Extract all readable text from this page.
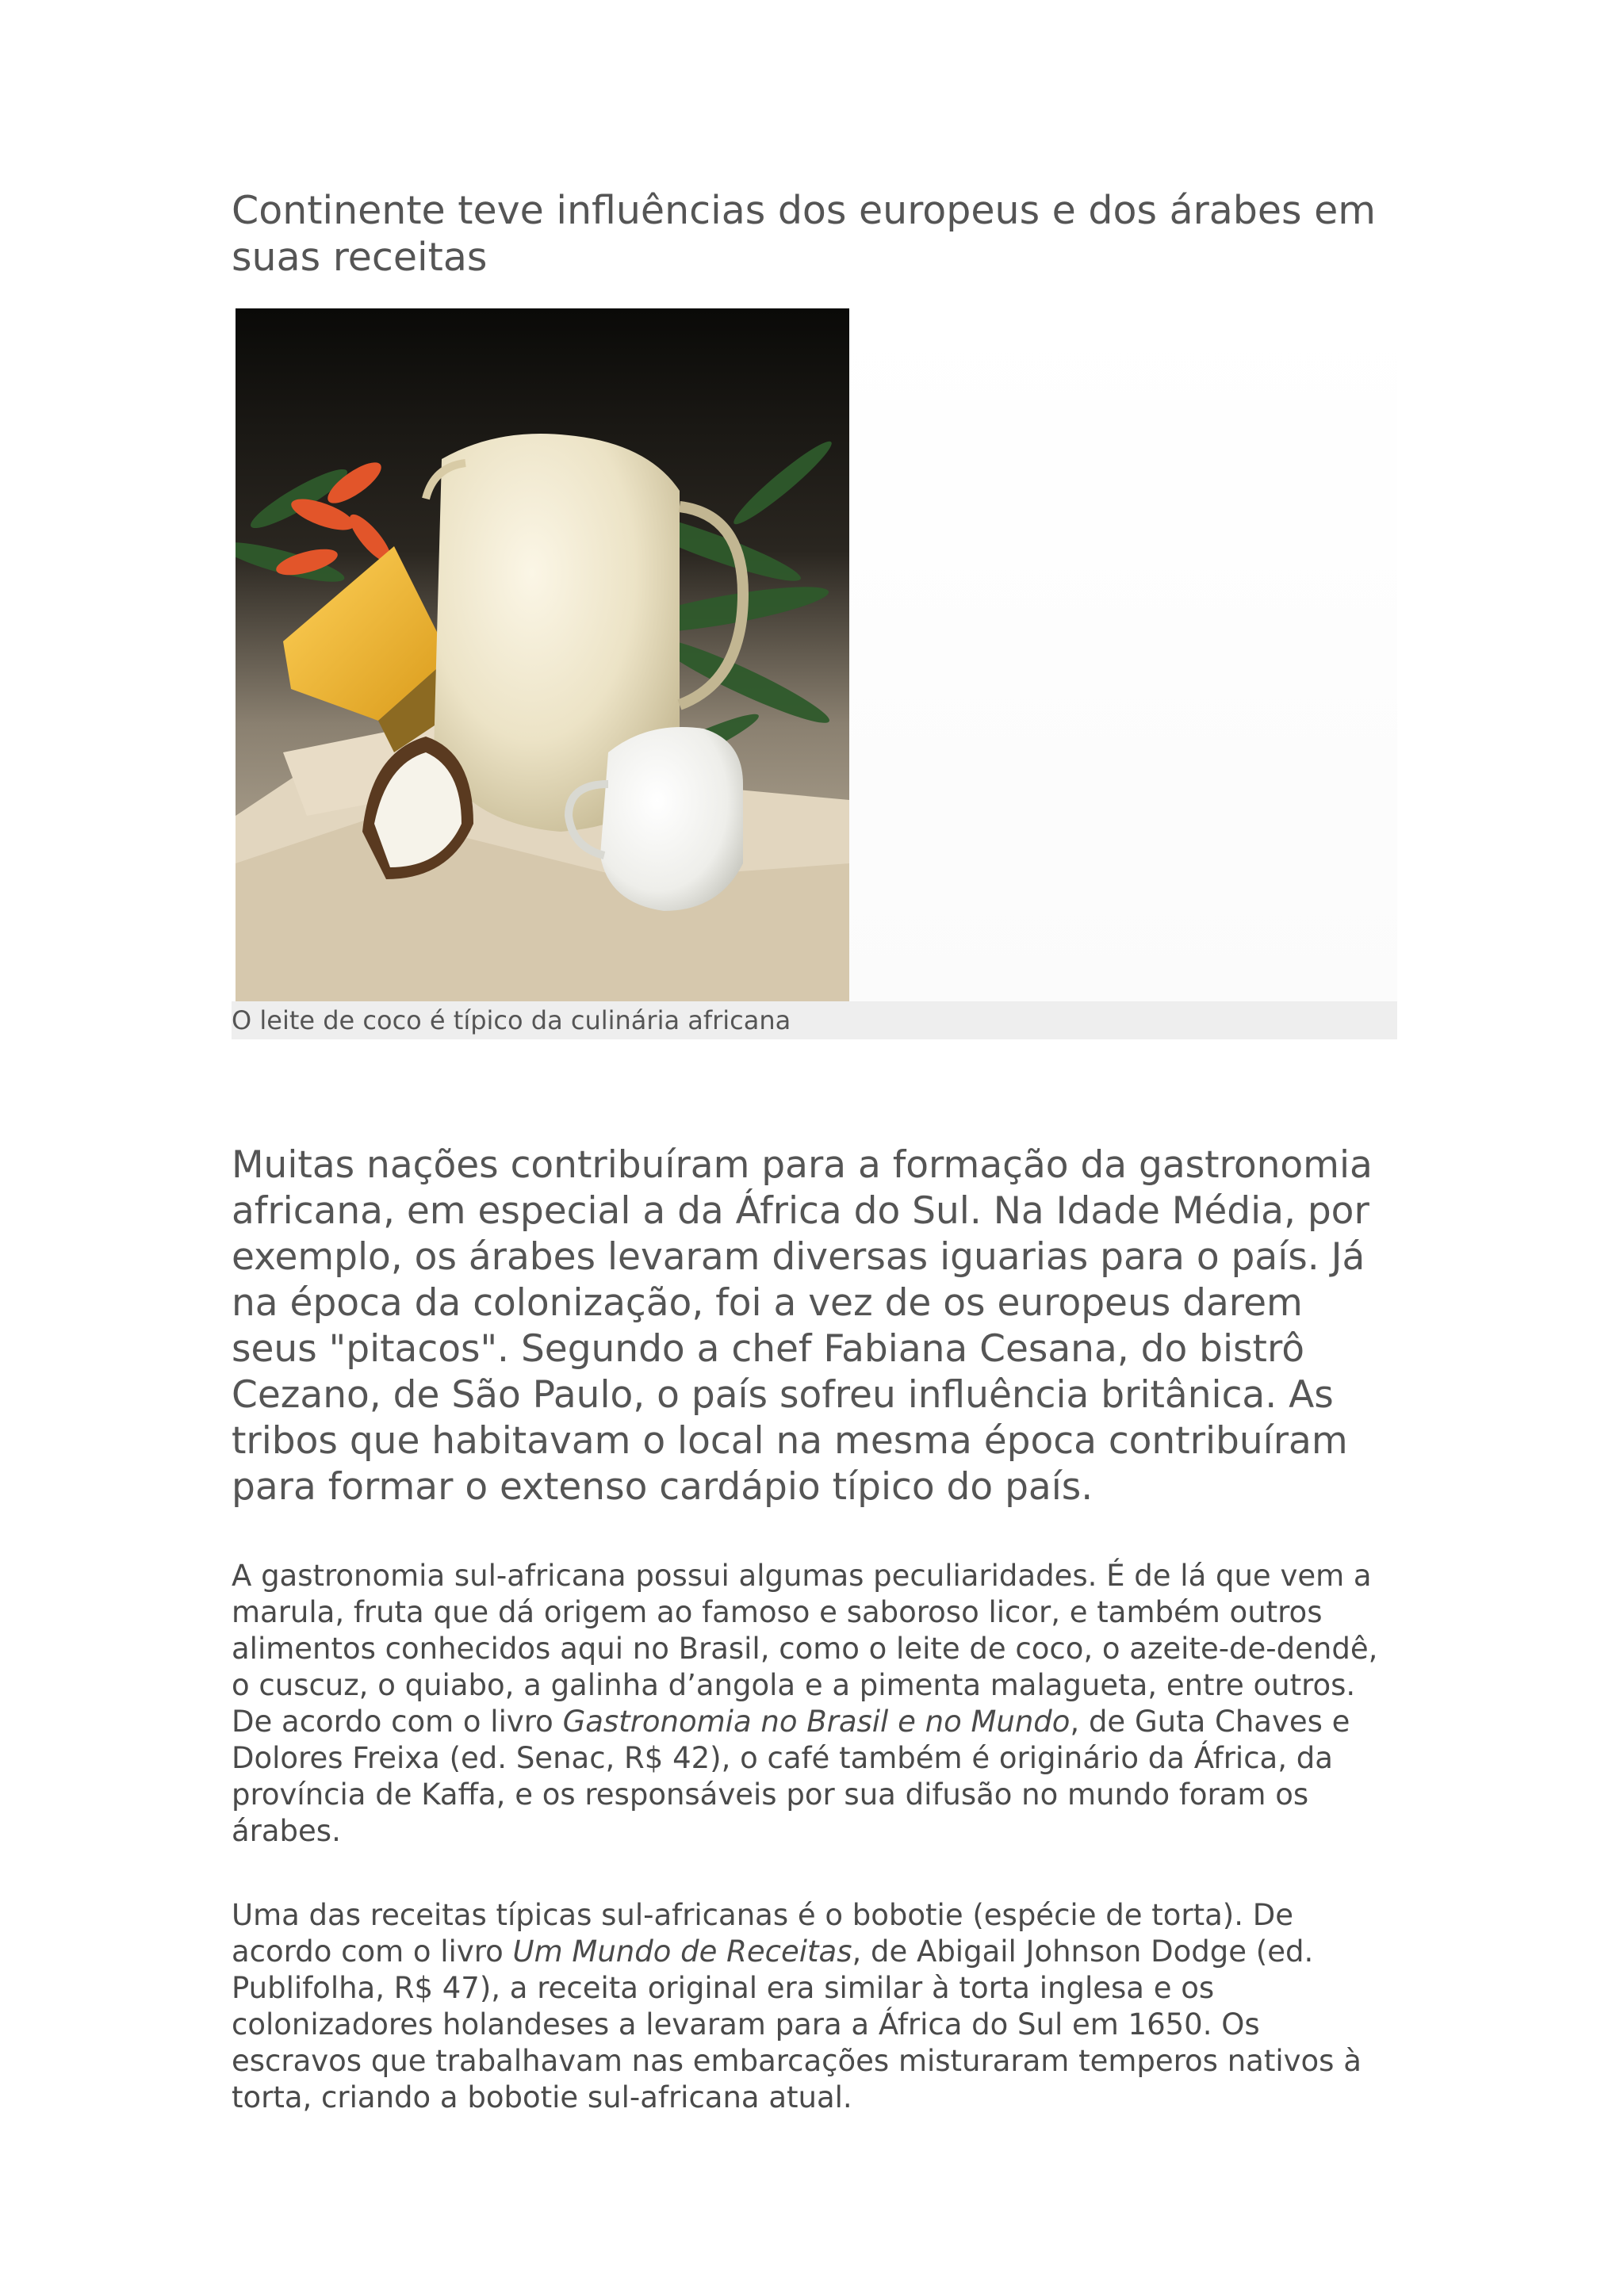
Continente teve influências dos europeus e dos árabes em suas receitas
O leite de coco é típico da culinária africana

Muitas nações contribuíram para a formação da gastronomia africana, em especial a da África do Sul. Na Idade Média, por exemplo, os árabes levaram diversas iguarias para o país. Já na época da colonização, foi a vez de os europeus darem seus "pitacos". Segundo a chef Fabiana Cesana, do bistrô Cezano, de São Paulo, o país sofreu influência britânica. As tribos que habitavam o local na mesma época contribuíram para formar o extenso cardápio típico do país.

A gastronomia sul-africana possui algumas peculiaridades. É de lá que vem a marula, fruta que dá origem ao famoso e saboroso licor, e também outros alimentos conhecidos aqui no Brasil, como o leite de coco, o azeite-de-dendê, o cuscuz, o quiabo, a galinha d’angola e a pimenta malagueta, entre outros. De acordo com o livro Gastronomia no Brasil e no Mundo, de Guta Chaves e Dolores Freixa (ed. Senac, R$ 42), o café também é originário da África, da província de Kaffa, e os responsáveis por sua difusão no mundo foram os árabes.

Uma das receitas típicas sul-africanas é o bobotie (espécie de torta). De acordo com o livro Um Mundo de Receitas, de Abigail Johnson Dodge (ed. Publifolha, R$ 47), a receita original era similar à torta inglesa e os colonizadores holandeses a levaram para a África do Sul em 1650. Os escravos que trabalhavam nas embarcações misturaram temperos nativos à torta, criando a bobotie sul-africana atual.
